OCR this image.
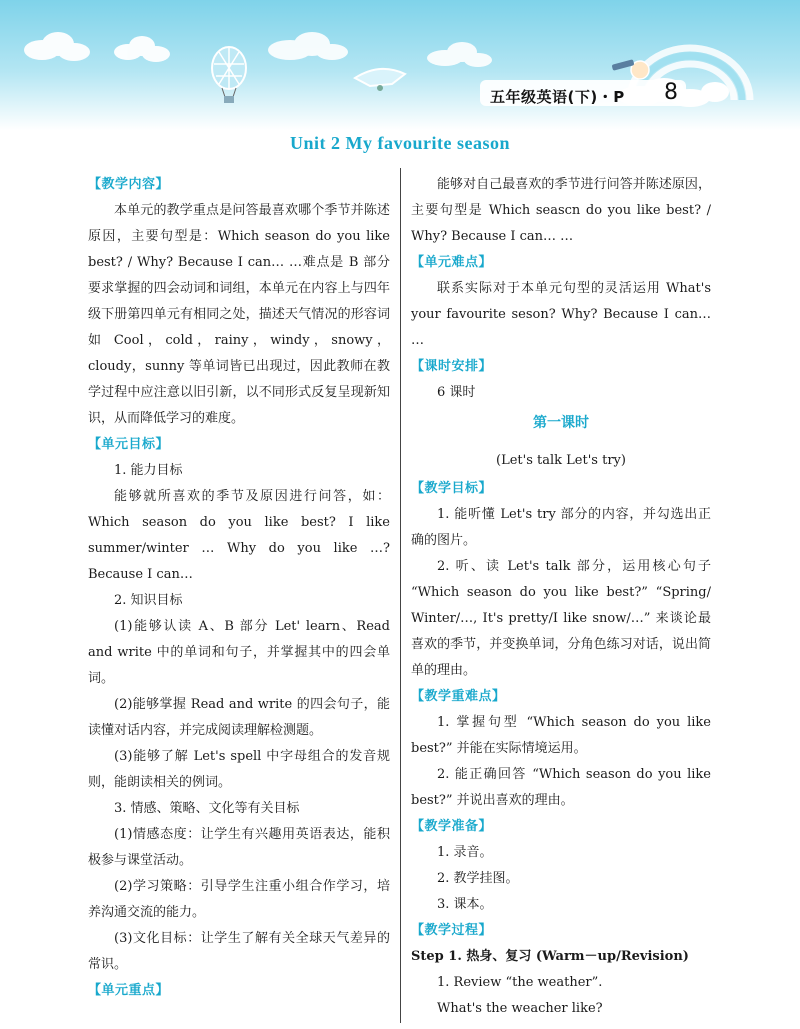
五年级英语(下)・P 8
Unit 2 My favourite season
【教学内容】

本单元的教学重点是问答最喜欢哪个季节并陈述原因，主要句型是：Which season do you like best? / Why? Because I can… …难点是 B 部分要求掌握的四会动词和词组，本单元在内容上与四年级下册第四单元有相同之处，描述天气情况的形容词如 Cool，cold，rainy，windy，snowy，cloudy，sunny 等单词皆已出现过，因此教师在教学过程中应注意以旧引新，以不同形式反复呈现新知识，从而降低学习的难度。

【单元目标】

1. 能力目标

能够就所喜欢的季节及原因进行问答，如：Which season do you like best? I like summer/winter … Why do you like …? Because I can…

2. 知识目标

(1)能够认读 A、B 部分 Let' learn、Read and write 中的单词和句子，并掌握其中的四会单词。

(2)能够掌握 Read and write 的四会句子，能读懂对话内容，并完成阅读理解检测题。

(3)能够了解 Let's spell 中字母组合的发音规则，能朗读相关的例词。

3. 情感、策略、文化等有关目标

(1)情感态度：让学生有兴趣用英语表达，能积极参与课堂活动。

(2)学习策略：引导学生注重小组合作学习，培养沟通交流的能力。

(3)文化目标：让学生了解有关全球天气差异的常识。

【单元重点】

能够对自己最喜欢的季节进行问答并陈述原因，主要句型是 Which seascn do you like best? / Why? Because I can… …

【单元难点】

联系实际对于本单元句型的灵活运用 What's your favourite seson? Why? Because I can… …

【课时安排】

6 课时

第一课时
(Let's talk Let's try)
【教学目标】

1. 能听懂 Let's try 部分的内容，并勾选出正确的图片。

2. 听、读 Let's talk 部分，运用核心句子 “Which season do you like best?” “Spring/ Winter/…, It's pretty/I like snow/…” 来谈论最喜欢的季节，并变换单词，分角色练习对话，说出简单的理由。

【教学重难点】

1. 掌握句型 “Which season do you like best?” 并能在实际情境运用。

2. 能正确回答 “Which season do you like best?” 并说出喜欢的理由。

【教学准备】

1. 录音。

2. 教学挂图。

3. 课本。

【教学过程】

Step 1. 热身、复习 (Warm－up/Revision)

1. Review “the weather”.

What's the weacher like?
